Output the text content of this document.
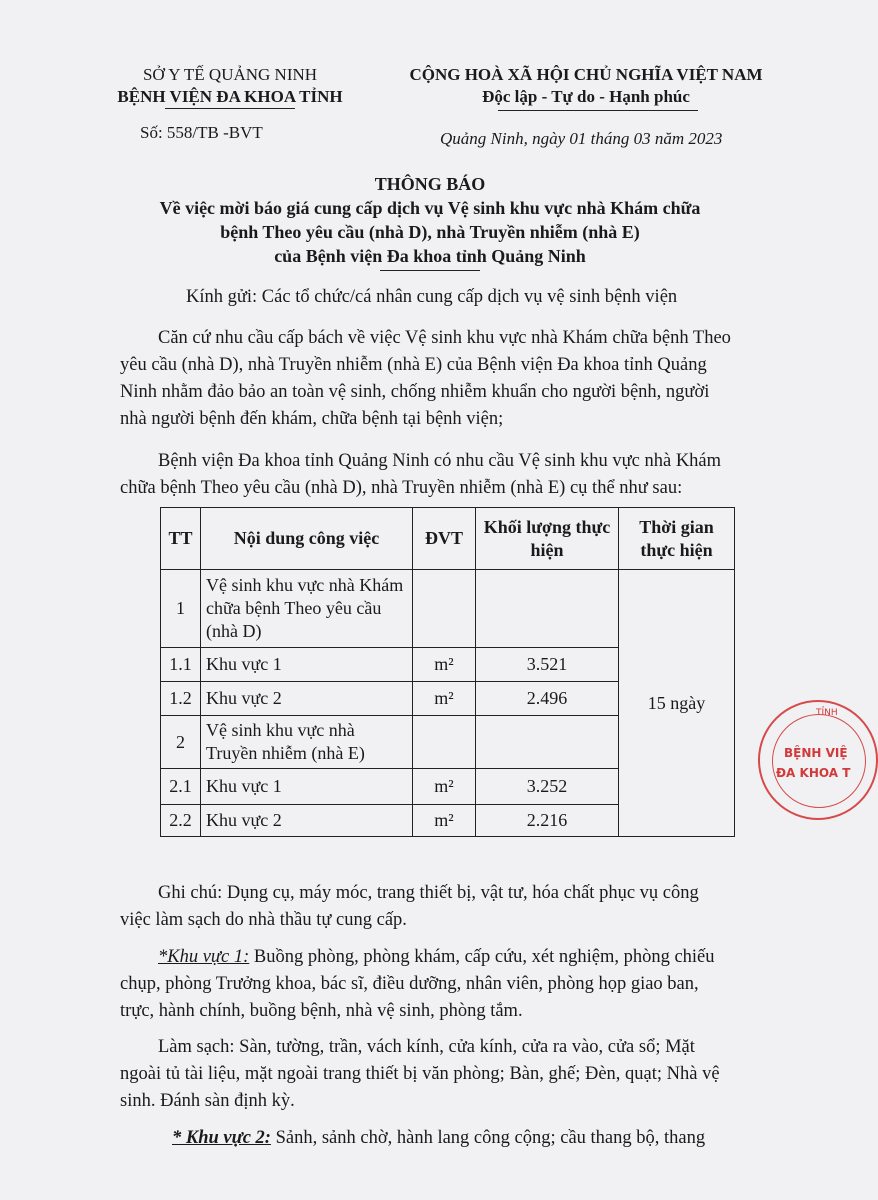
SỞ Y TẾ QUẢNG NINH
BỆNH VIỆN ĐA KHOA TỈNH
Số: 558/TB -BVT
CỘNG HOÀ XÃ HỘI CHỦ NGHĨA VIỆT NAM
Độc lập - Tự do - Hạnh phúc
Quảng Ninh, ngày 01 tháng 03 năm 2023
THÔNG BÁO
Về việc mời báo giá cung cấp dịch vụ Vệ sinh khu vực nhà Khám chữa
bệnh Theo yêu cầu (nhà D), nhà Truyền nhiễm (nhà E)
của Bệnh viện Đa khoa tỉnh Quảng Ninh
Kính gửi: Các tổ chức/cá nhân cung cấp dịch vụ vệ sinh bệnh viện
Căn cứ nhu cầu cấp bách về việc Vệ sinh khu vực nhà Khám chữa bệnh Theo
yêu cầu (nhà D), nhà Truyền nhiễm (nhà E) của Bệnh viện Đa khoa tỉnh Quảng
Ninh nhằm đảo bảo an toàn vệ sinh, chống nhiễm khuẩn cho người bệnh, người
nhà người bệnh đến khám, chữa bệnh tại bệnh viện;
Bệnh viện Đa khoa tỉnh Quảng Ninh có nhu cầu Vệ sinh khu vực nhà Khám
chữa bệnh Theo yêu cầu (nhà D), nhà Truyền nhiễm (nhà E) cụ thể như sau:
TT	Nội dung công việc	ĐVT	Khối lượng thực hiện	Thời gian thực hiện
1	Vệ sinh khu vực nhà Khám chữa bệnh Theo yêu cầu (nhà D)			15 ngày
1.1	Khu vực 1	m²	3.521	
1.2	Khu vực 2	m²	2.496	
2	Vệ sinh khu vực nhà Truyền nhiễm (nhà E)			
2.1	Khu vực 1	m²	3.252	
2.2	Khu vực 2	m²	2.216	
Ghi chú: Dụng cụ, máy móc, trang thiết bị, vật tư, hóa chất phục vụ công
việc làm sạch do nhà thầu tự cung cấp.
*Khu vực 1: Buồng phòng, phòng khám, cấp cứu, xét nghiệm, phòng chiếu
chụp, phòng Trưởng khoa, bác sĩ, điều dưỡng, nhân viên, phòng họp giao ban,
trực, hành chính, buồng bệnh, nhà vệ sinh, phòng tắm.
Làm sạch: Sàn, tường, trần, vách kính, cửa kính, cửa ra vào, cửa sổ; Mặt
ngoài tủ tài liệu, mặt ngoài trang thiết bị văn phòng; Bàn, ghế; Đèn, quạt; Nhà vệ
sinh. Đánh sàn định kỳ.
* Khu vực 2: Sảnh, sảnh chờ, hành lang công cộng; cầu thang bộ, thang
TỈNH
BỆNH VIỆ
ĐA KHOA T
